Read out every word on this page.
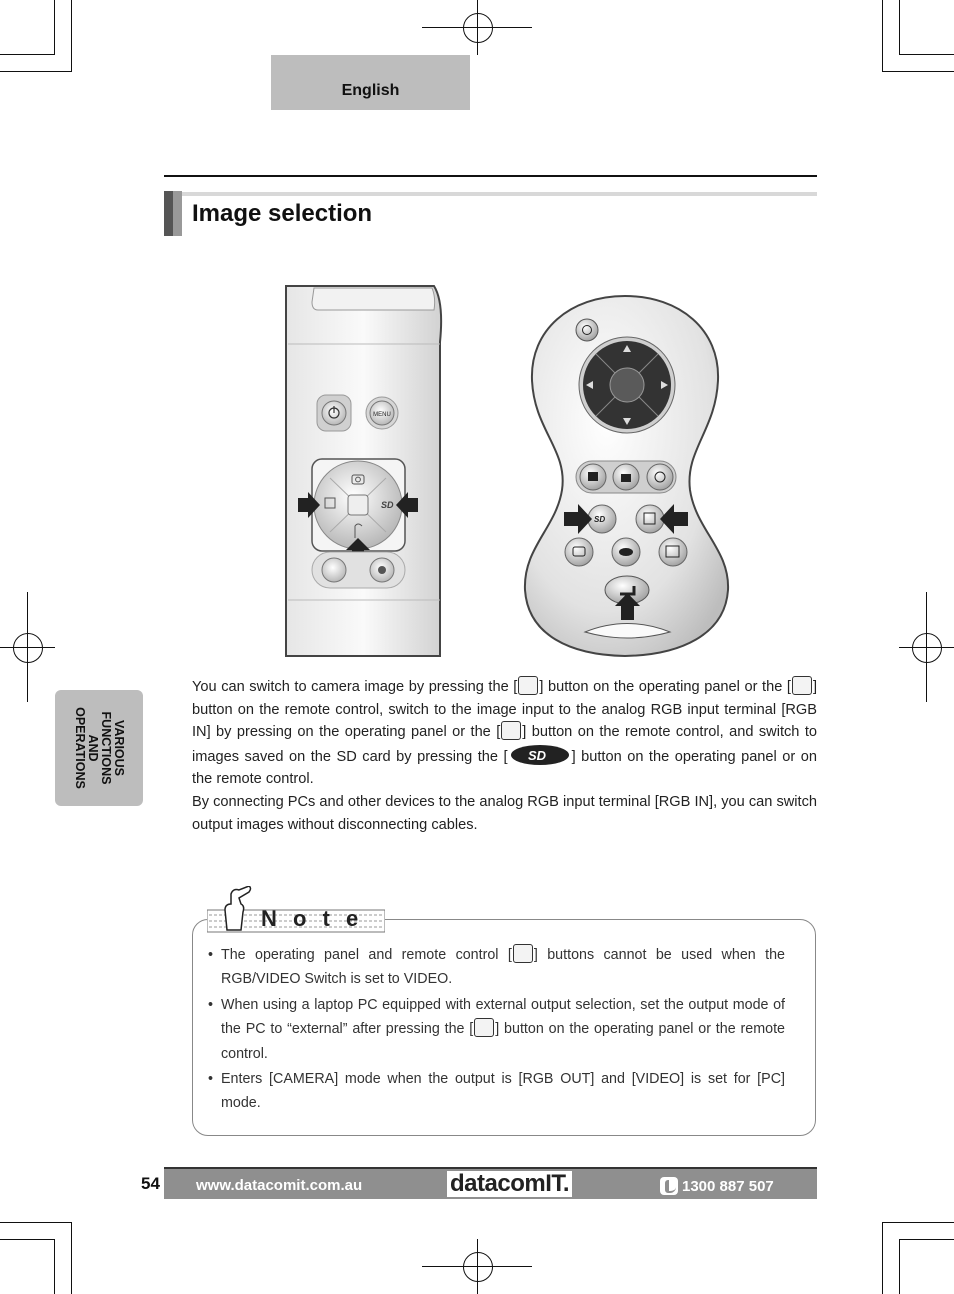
English
Image selection
VARIOUS
FUNCTIONS
AND
OPERATIONS
MENU
SD
SD

You can switch to camera image by pressing the [ ] button on the operating panel or the [ ] button on the remote control, switch to the image input to the analog RGB input terminal [RGB IN] by pressing on the operating panel or the [ ] button on the remote control, and switch to images saved on the SD card by pressing the [ SD ] button on the operating panel or on the remote control.

By connecting PCs and other devices to the analog RGB input terminal [RGB IN], you can switch output images without disconnecting cables.

N o t e
• The operating panel and remote control [ ] buttons cannot be used when the RGB/VIDEO Switch is set to VIDEO.
• When using a laptop PC equipped with external output selection, set the output mode of the PC to “external” after pressing the [ ] button on the operating panel or the remote control.
• Enters [CAMERA] mode when the output is [RGB OUT] and [VIDEO] is set for [PC] mode.
54 www.datacomit.com.au	datacomIT.	1300 887 507
